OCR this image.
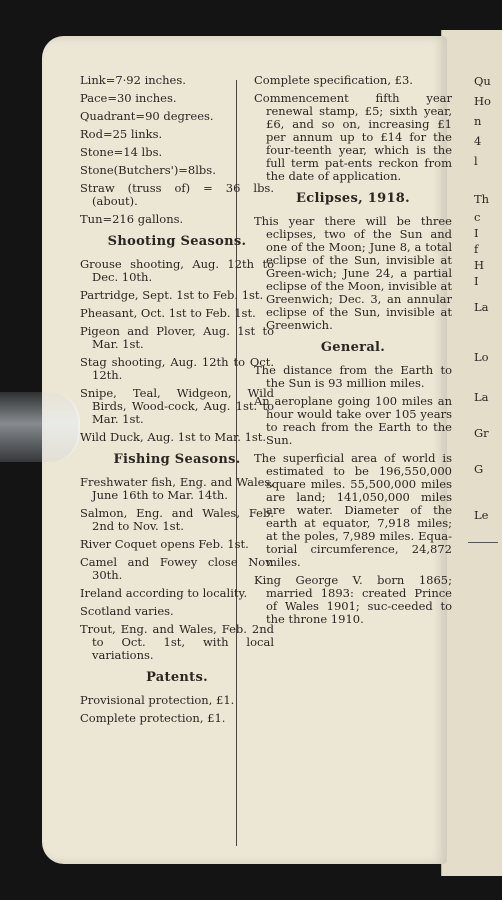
Qu
Ho
n
4
l
Th
c
I
f
H
I
La
Lo
La
Gr
G
Le
Link=7·92 inches.
Pace=30 inches.
Quadrant=90 degrees.
Rod=25 links.
Stone=14 lbs.
Stone(Butchers')=8lbs.
Straw (truss of) = 36 lbs. (about).
Tun=216 gallons.
Shooting Seasons.
Grouse shooting, Aug. 12th to Dec. 10th.
Partridge, Sept. 1st to Feb. 1st.
Pheasant, Oct. 1st to Feb. 1st.
Pigeon and Plover, Aug. 1st to Mar. 1st.
Stag shooting, Aug. 12th to Oct. 12th.
Snipe, Teal, Widgeon, Wild Birds, Wood-cock, Aug. 1st. to Mar. 1st.
Wild Duck, Aug. 1st to Mar. 1st.
Fishing Seasons.
Freshwater fish, Eng. and Wales, June 16th to Mar. 14th.
Salmon, Eng. and Wales, Feb. 2nd to Nov. 1st.
River Coquet opens Feb. 1st.
Camel and Fowey close Nov. 30th.
Ireland according to locality.
Scotland varies.
Trout, Eng. and Wales, Feb. 2nd to Oct. 1st, with local variations.
Patents.
Provisional protection, £1.
Complete protection, £1.
Complete specification, £3.
Commencement fifth year renewal stamp, £5; sixth year, £6, and so on, increasing £1 per annum up to £14 for the four-teenth year, which is the full term pat-ents reckon from the date of application.
Eclipses, 1918.
This year there will be three eclipses, two of the Sun and one of the Moon; June 8, a total eclipse of the Sun, invisible at Green-wich; June 24, a partial eclipse of the Moon, invisible at Greenwich; Dec. 3, an annular eclipse of the Sun, invisible at Greenwich.
General.
The distance from the Earth to the Sun is 93 million miles.
An aeroplane going 100 miles an hour would take over 105 years to reach from the Earth to the Sun.
The superficial area of world is estimated to be 196,550,000 square miles. 55,500,000 miles are land; 141,050,000 miles are water. Diameter of the earth at equator, 7,918 miles; at the poles, 7,989 miles. Equa-torial circumference, 24,872 miles.
King George V. born 1865; married 1893: created Prince of Wales 1901; suc-ceeded to the throne 1910.
